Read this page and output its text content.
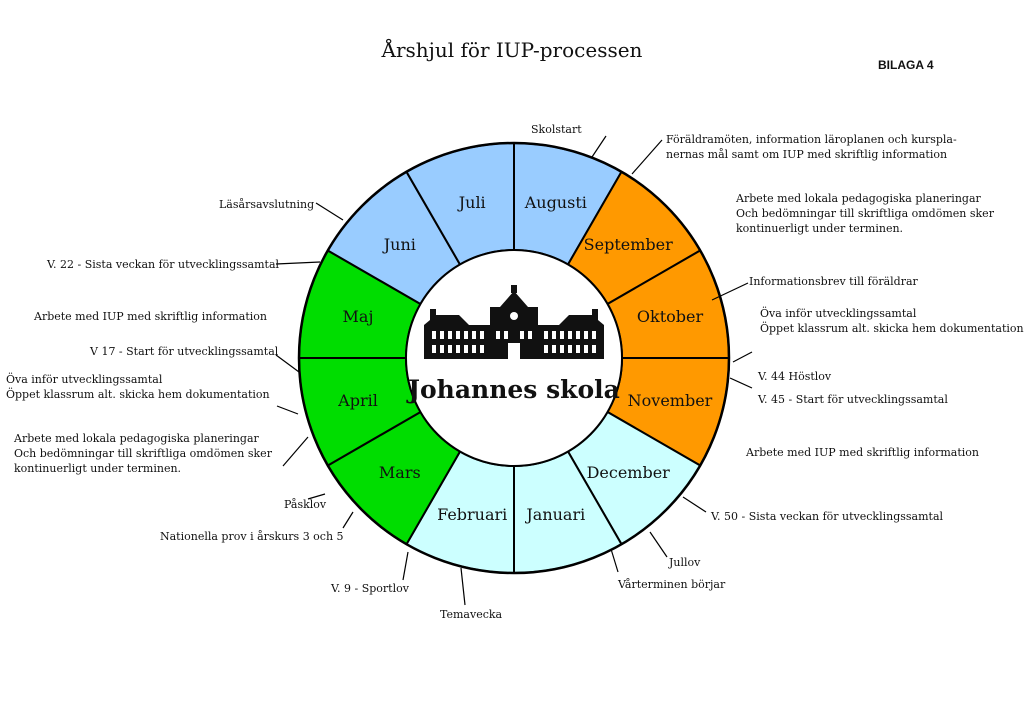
Årshjul för IUP-processen
BILAGA 4
Augusti
September
Oktober
November
December
Januari
Februari
Mars
April
Maj
Juni
Juli
Johannes skola
Skolstart
Föräldramöten, information läroplanen och kurspla-
nernas mål samt om IUP med skriftlig information
Arbete med lokala pedagogiska planeringar
Och bedömningar till skriftliga omdömen sker
kontinuerligt under terminen.
Informationsbrev till föräldrar
Öva inför utvecklingssamtal
Öppet klassrum alt. skicka hem dokumentation
V. 44 Höstlov
V. 45 - Start för utvecklingssamtal
Arbete med IUP med skriftlig information
V. 50 - Sista veckan för utvecklingssamtal
Jullov
Vårterminen börjar
Temavecka
V. 9 - Sportlov
Nationella prov i årskurs 3 och 5
Påsklov
Arbete med lokala pedagogiska planeringar
Och bedömningar till skriftliga omdömen sker
kontinuerligt under terminen.
Öva inför utvecklingssamtal
Öppet klassrum alt. skicka hem dokumentation
V 17 - Start för utvecklingssamtal
Arbete med IUP med skriftlig information
V. 22 - Sista veckan för utvecklingssamtal
Läsårsavslutning
